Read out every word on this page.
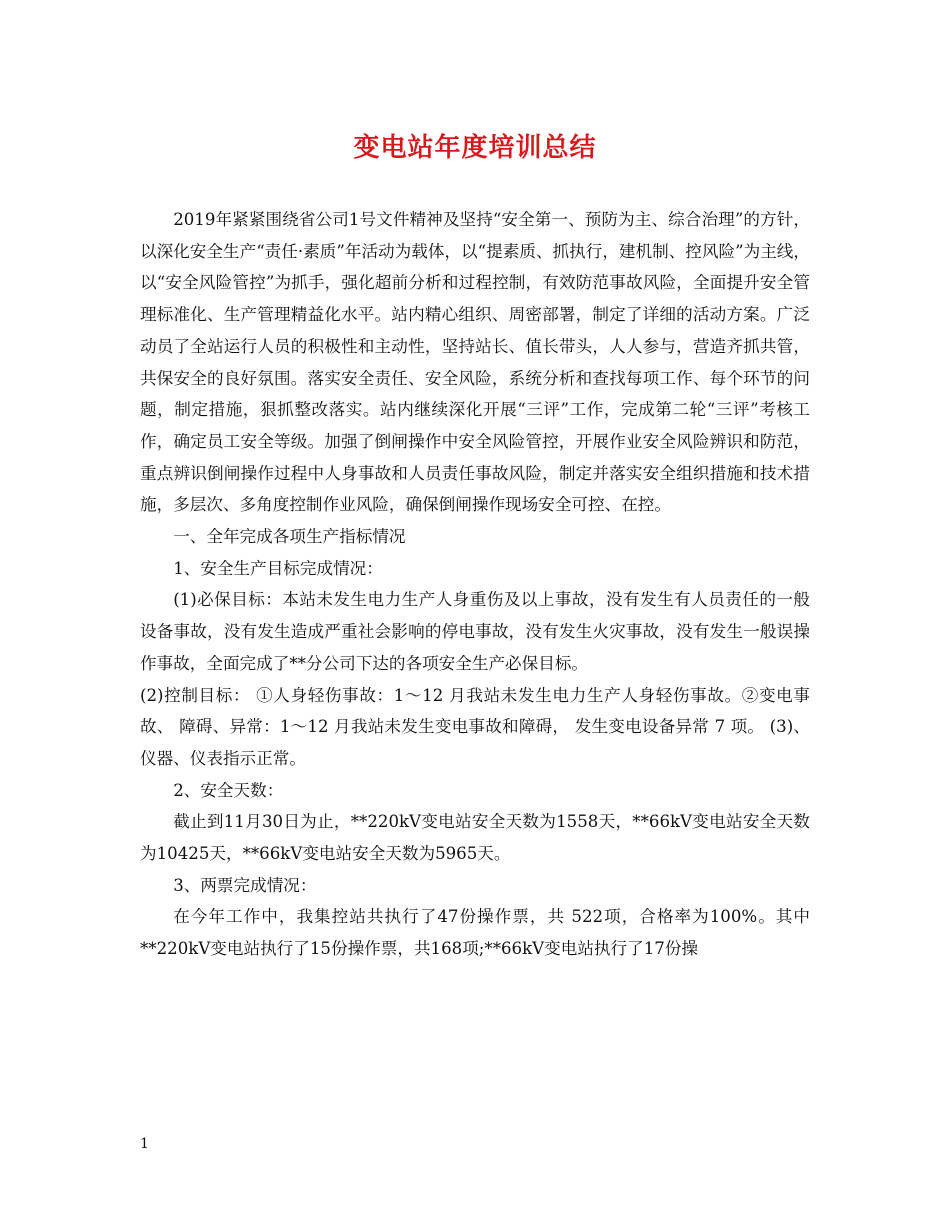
变电站年度培训总结

2019年紧紧围绕省公司1号文件精神及坚持“安全第一、预防为主、综合治理”的方针，以深化安全生产“责任·素质”年活动为载体，以“提素质、抓执行，建机制、控风险”为主线，以“安全风险管控”为抓手，强化超前分析和过程控制，有效防范事故风险，全面提升安全管理标准化、生产管理精益化水平。站内精心组织、周密部署，制定了详细的活动方案。广泛动员了全站运行人员的积极性和主动性，坚持站长、值长带头，人人参与，营造齐抓共管，共保安全的良好氛围。落实安全责任、安全风险，系统分析和查找每项工作、每个环节的问题，制定措施，狠抓整改落实。站内继续深化开展“三评”工作，完成第二轮“三评”考核工作，确定员工安全等级。加强了倒闸操作中安全风险管控，开展作业安全风险辨识和防范，重点辨识倒闸操作过程中人身事故和人员责任事故风险，制定并落实安全组织措施和技术措施，多层次、多角度控制作业风险，确保倒闸操作现场安全可控、在控。

一、全年完成各项生产指标情况

1、安全生产目标完成情况：

(1)必保目标：本站未发生电力生产人身重伤及以上事故，没有发生有人员责任的一般设备事故，没有发生造成严重社会影响的停电事故，没有发生火灾事故，没有发生一般误操作事故，全面完成了**分公司下达的各项安全生产必保目标。

(2)控制目标： ①人身轻伤事故：1～12 月我站未发生电力生产人身轻伤事故。②变电事故、 障碍、异常：1～12 月我站未发生变电事故和障碍， 发生变电设备异常 7 项。 (3)、仪器、仪表指示正常。

2、安全天数：

截止到11月30日为止，**220kV变电站安全天数为1558天，**66kV变电站安全天数为10425天，**66kV变电站安全天数为5965天。

3、两票完成情况：

在今年工作中，我集控站共执行了47份操作票，共 522项，合格率为100%。其中**220kV变电站执行了15份操作票，共168项;**66kV变电站执行了17份操

1
